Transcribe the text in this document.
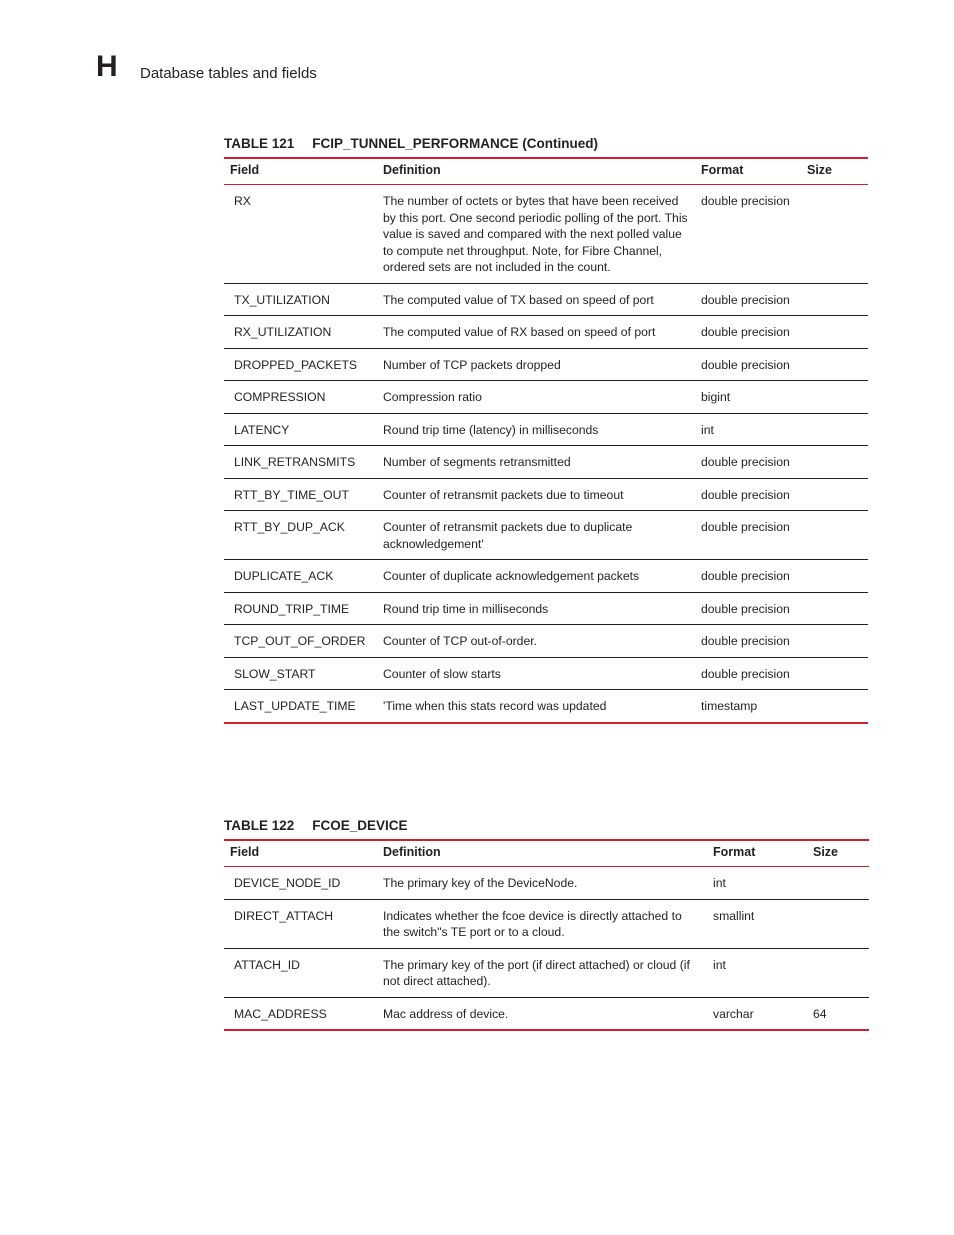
H Database tables and fields
TABLE 121 FCIP_TUNNEL_PERFORMANCE (Continued)
Field	Definition	Format	Size
RX	The number of octets or bytes that have been received by this port. One second periodic polling of the port. This value is saved and compared with the next polled value to compute net throughput. Note, for Fibre Channel, ordered sets are not included in the count.	double precision	
TX_UTILIZATION	The computed value of TX based on speed of port	double precision	
RX_UTILIZATION	The computed value of RX based on speed of port	double precision	
DROPPED_PACKETS	Number of TCP packets dropped	double precision	
COMPRESSION	Compression ratio	bigint	
LATENCY	Round trip time (latency) in milliseconds	int	
LINK_RETRANSMITS	Number of segments retransmitted	double precision	
RTT_BY_TIME_OUT	Counter of retransmit packets due to timeout	double precision	
RTT_BY_DUP_ACK	Counter of retransmit packets due to duplicate acknowledgement'	double precision	
DUPLICATE_ACK	Counter of duplicate acknowledgement packets	double precision	
ROUND_TRIP_TIME	Round trip time in milliseconds	double precision	
TCP_OUT_OF_ORDER	Counter of TCP out-of-order.	double precision	
SLOW_START	Counter of slow starts	double precision	
LAST_UPDATE_TIME	'Time when this stats record was updated	timestamp	
TABLE 122 FCOE_DEVICE
Field	Definition	Format	Size
DEVICE_NODE_ID	The primary key of the DeviceNode.	int	
DIRECT_ATTACH	Indicates whether the fcoe device is directly attached to the switch"s TE port or to a cloud.	smallint	
ATTACH_ID	The primary key of the port (if direct attached) or cloud (if not direct attached).	int	
MAC_ADDRESS	Mac address of device.	varchar	64
